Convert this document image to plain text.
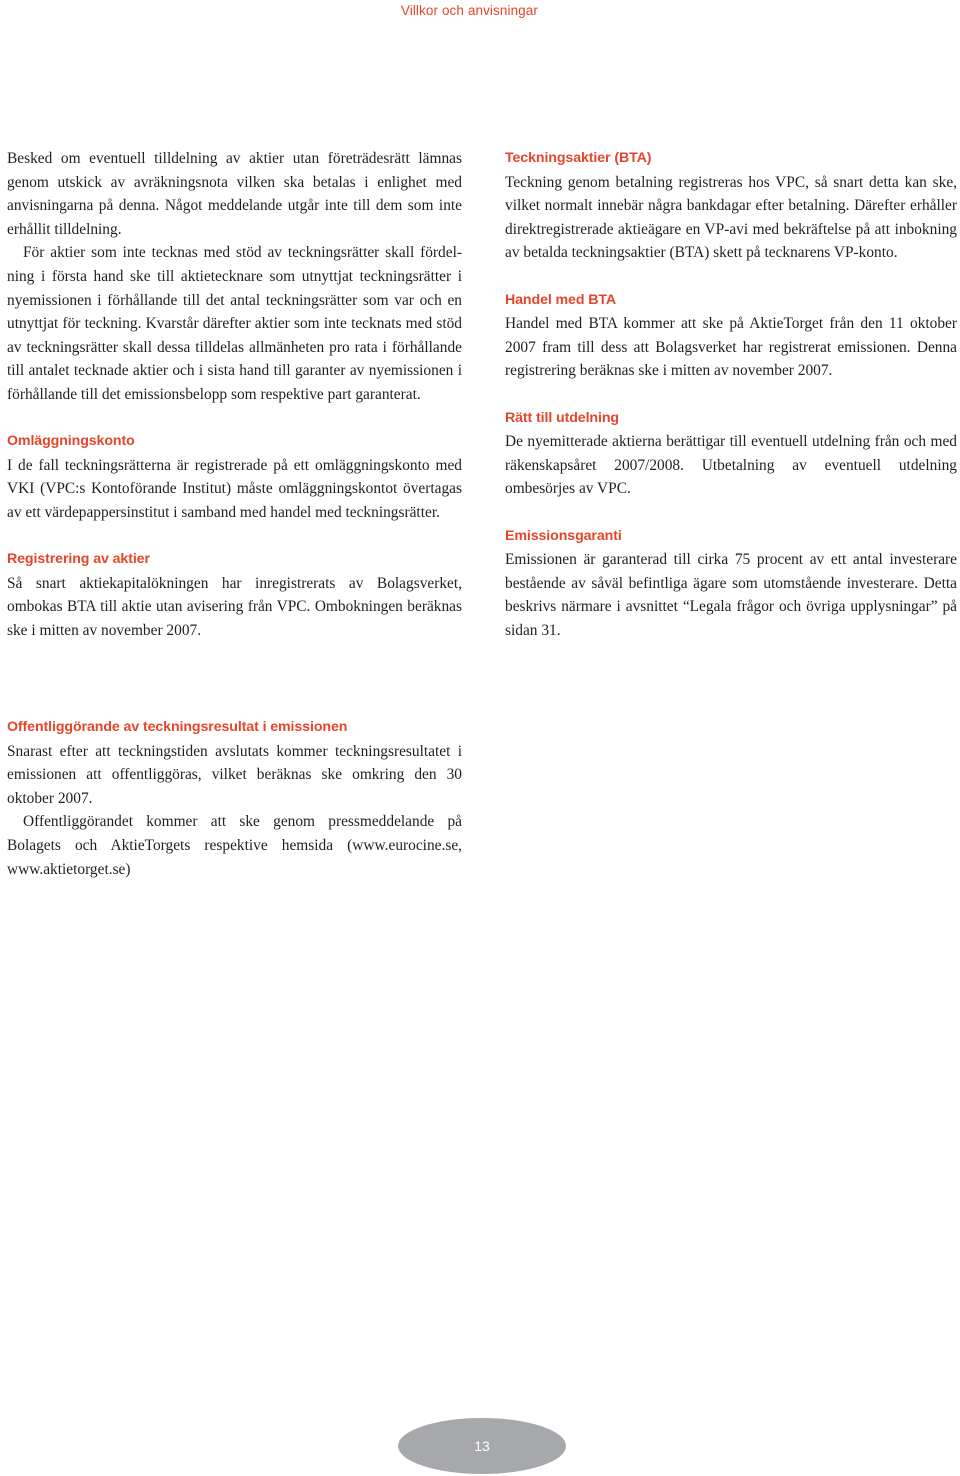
Villkor och anvisningar

Besked om eventuell tilldelning av aktier utan företrädesrätt lämnas genom utskick av avräkningsnota vilken ska betalas i enlighet med anvisningarna på denna. Något meddelande utgår inte till dem som inte erhållit tilldelning.

För aktier som inte tecknas med stöd av teckningsrätter skall fördelning i första hand ske till aktietecknare som utnyttjat teckningsrätter i nyemissionen i förhållande till det antal teckningsrätter som var och en utnyttjat för teckning. Kvarstår därefter aktier som inte tecknats med stöd av teckningsrätter skall dessa tilldelas allmänheten pro rata i förhållande till antalet tecknade aktier och i sista hand till garanter av nyemissionen i förhållande till det emissionsbelopp som respektive part garanterat.

Omläggningskonto

I de fall teckningsrätterna är registrerade på ett omläggningskonto med VKI (VPC:s Kontoförande Institut) måste omläggningskontot övertagas av ett värdepappersinstitut i samband med handel med teckningsrätter.

Registrering av aktier

Så snart aktiekapitalökningen har inregistrerats av Bolagsverket, ombokas BTA till aktie utan avisering från VPC. Ombokningen beräknas ske i mitten av november 2007.

Teckningsaktier (BTA)

Teckning genom betalning registreras hos VPC, så snart detta kan ske, vilket normalt innebär några bankdagar efter betalning. Därefter erhåller direktregistrerade aktieägare en VP-avi med bekräftelse på att inbokning av betalda teckningsaktier (BTA) skett på tecknarens VP-konto.

Handel med BTA

Handel med BTA kommer att ske på AktieTorget från den 11 oktober 2007 fram till dess att Bolagsverket har registrerat emissionen. Denna registrering beräknas ske i mitten av november 2007.

Rätt till utdelning

De nyemitterade aktierna berättigar till eventuell utdelning från och med räkenskapsåret 2007/2008. Utbetalning av eventuell utdelning ombesörjes av VPC.

Emissionsgaranti

Emissionen är garanterad till cirka 75 procent av ett antal investerare bestående av såväl befintliga ägare som utomstående investerare. Detta beskrivs närmare i avsnittet “Legala frågor och övriga upplysningar” på sidan 31.

Offentliggörande av teckningsresultat i emissionen

Snarast efter att teckningstiden avslutats kommer teckningsresultatet i emissionen att offentliggöras, vilket beräknas ske omkring den 30 oktober 2007.

Offentliggörandet kommer att ske genom pressmeddelande på Bolagets och AktieTorgets respektive hemsida (www.eurocine.se, www.aktietorget.se)

13
